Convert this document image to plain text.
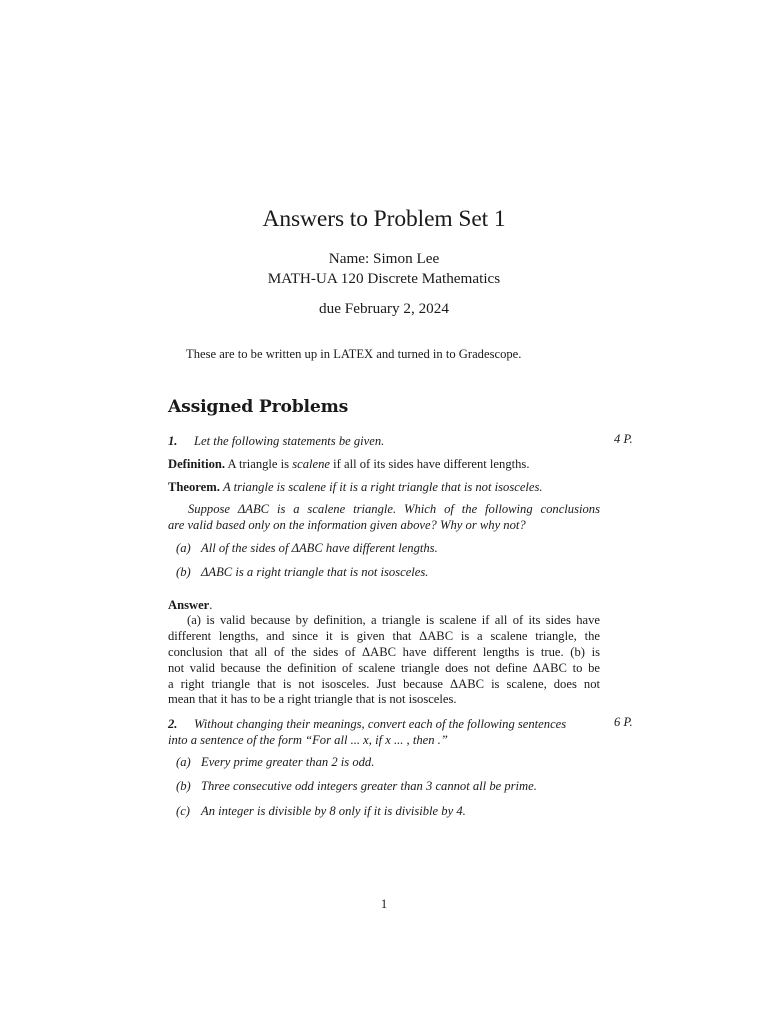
Answers to Problem Set 1
Name: Simon Lee
MATH-UA 120 Discrete Mathematics
due February 2, 2024
These are to be written up in LATEX and turned in to Gradescope.
Assigned Problems
1. Let the following statements be given.	4 P.
Definition. A triangle is scalene if all of its sides have different lengths.
Theorem. A triangle is scalene if it is a right triangle that is not isosceles.
Suppose ΔABC is a scalene triangle. Which of the following conclusions
are valid based only on the information given above? Why or why not?
(a) All of the sides of ΔABC have different lengths.
(b) ΔABC is a right triangle that is not isosceles.
Answer.
(a) is valid because by definition, a triangle is scalene if all of its sides have
different lengths, and since it is given that ΔABC is a scalene triangle, the
conclusion that all of the sides of ΔABC have different lengths is true. (b) is
not valid because the definition of scalene triangle does not define ΔABC to be
a right triangle that is not isosceles. Just because ΔABC is scalene, does not
mean that it has to be a right triangle that is not isosceles.
2. Without changing their meanings, convert each of the following sentences	6 P.
into a sentence of the form “For all ... x, if x ... , then .”
(a) Every prime greater than 2 is odd.
(b) Three consecutive odd integers greater than 3 cannot all be prime.
(c) An integer is divisible by 8 only if it is divisible by 4.
1
